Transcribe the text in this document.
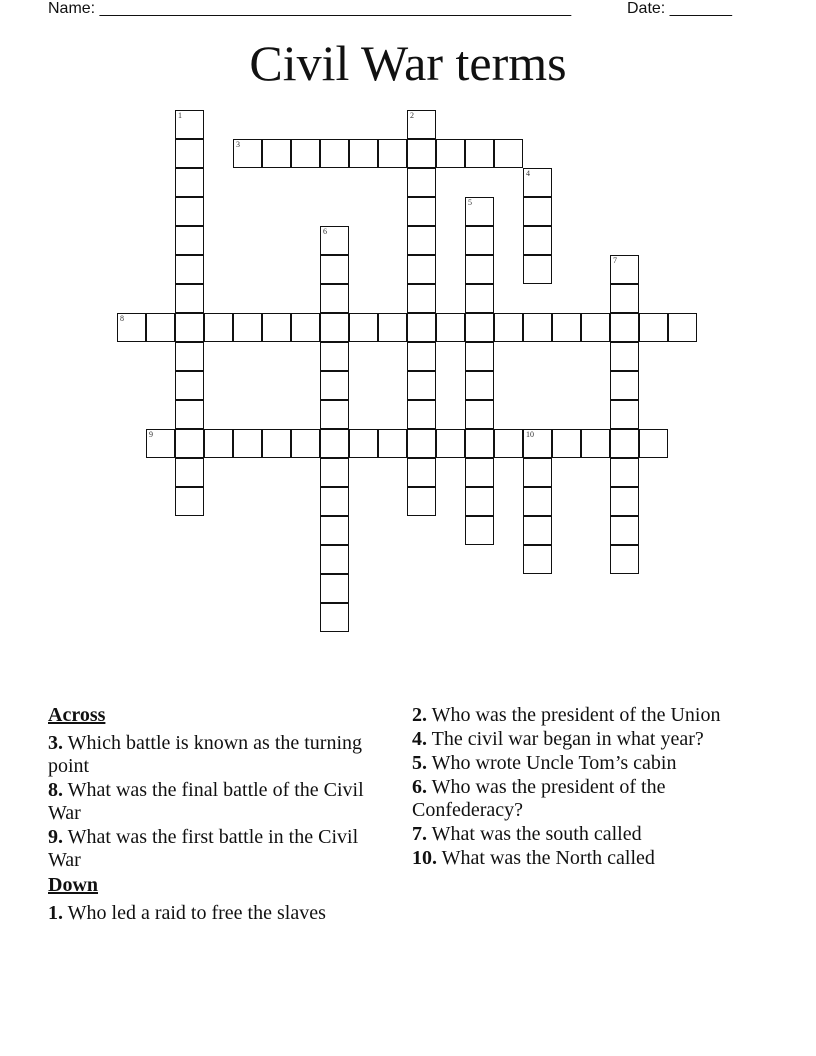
Name: _____________________________________________________	Date: _______
Civil War terms
1	2
3
4
5
6
7
8
9	10
Across
3. Which battle is known as the turning point
8. What was the final battle of the Civil War
9. What was the first battle in the Civil War
Down
1. Who led a raid to free the slaves
2. Who was the president of the Union
4. The civil war began in what year?
5. Who wrote Uncle Tom’s cabin
6. Who was the president of the Confederacy?
7. What was the south called
10. What was the North called
